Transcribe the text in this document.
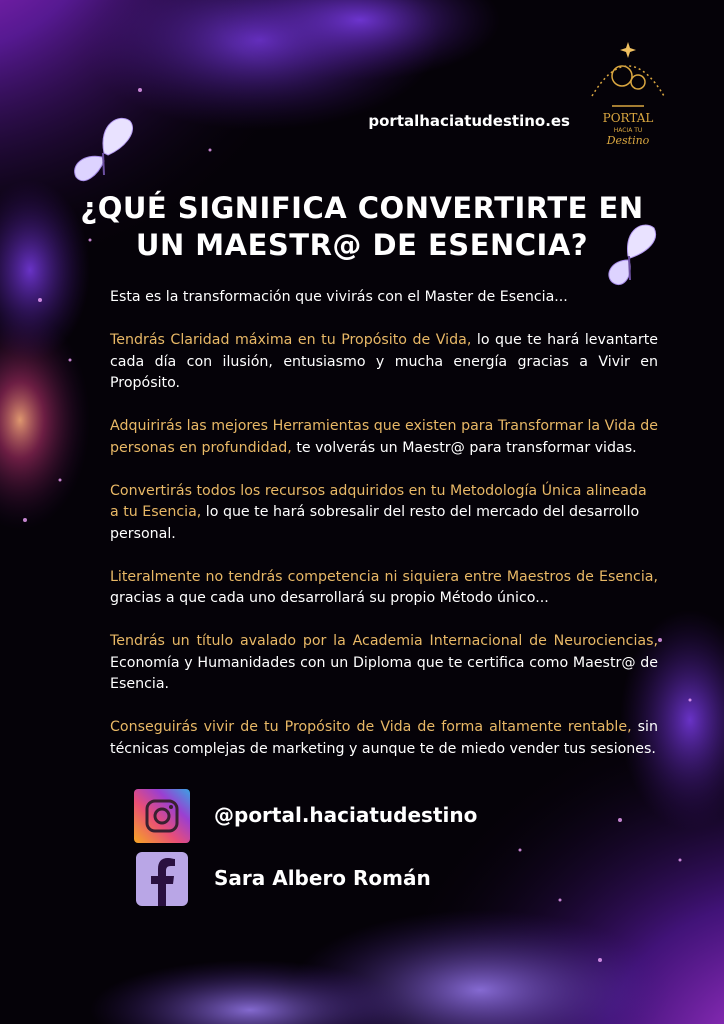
PORTAL
HACIA TU
Destino
portalhaciatudestino.es
¿QUÉ SIGNIFICA CONVERTIRTE EN
UN MAESTR@ DE ESENCIA?

Esta es la transformación que vivirás con el Master de Esencia...

Tendrás Claridad máxima en tu Propósito de Vida, lo que te hará levantarte cada día con ilusión, entusiasmo y mucha energía gracias a Vivir en Propósito.

Adquirirás las mejores Herramientas que existen para Transformar la Vida de personas en profundidad, te volverás un Maestr@ para transformar vidas.

Convertirás todos los recursos adquiridos en tu Metodología Única alineada a tu Esencia, lo que te hará sobresalir del resto del mercado del desarrollo personal.

Literalmente no tendrás competencia ni siquiera entre Maestros de Esencia, gracias a que cada uno desarrollará su propio Método único...

Tendrás un título avalado por la Academia Internacional de Neurociencias, Economía y Humanidades con un Diploma que te certifica como Maestr@ de Esencia.

Conseguirás vivir de tu Propósito de Vida de forma altamente rentable, sin técnicas complejas de marketing y aunque te de miedo vender tus sesiones.

@portal.haciatudestino
Sara Albero Román
